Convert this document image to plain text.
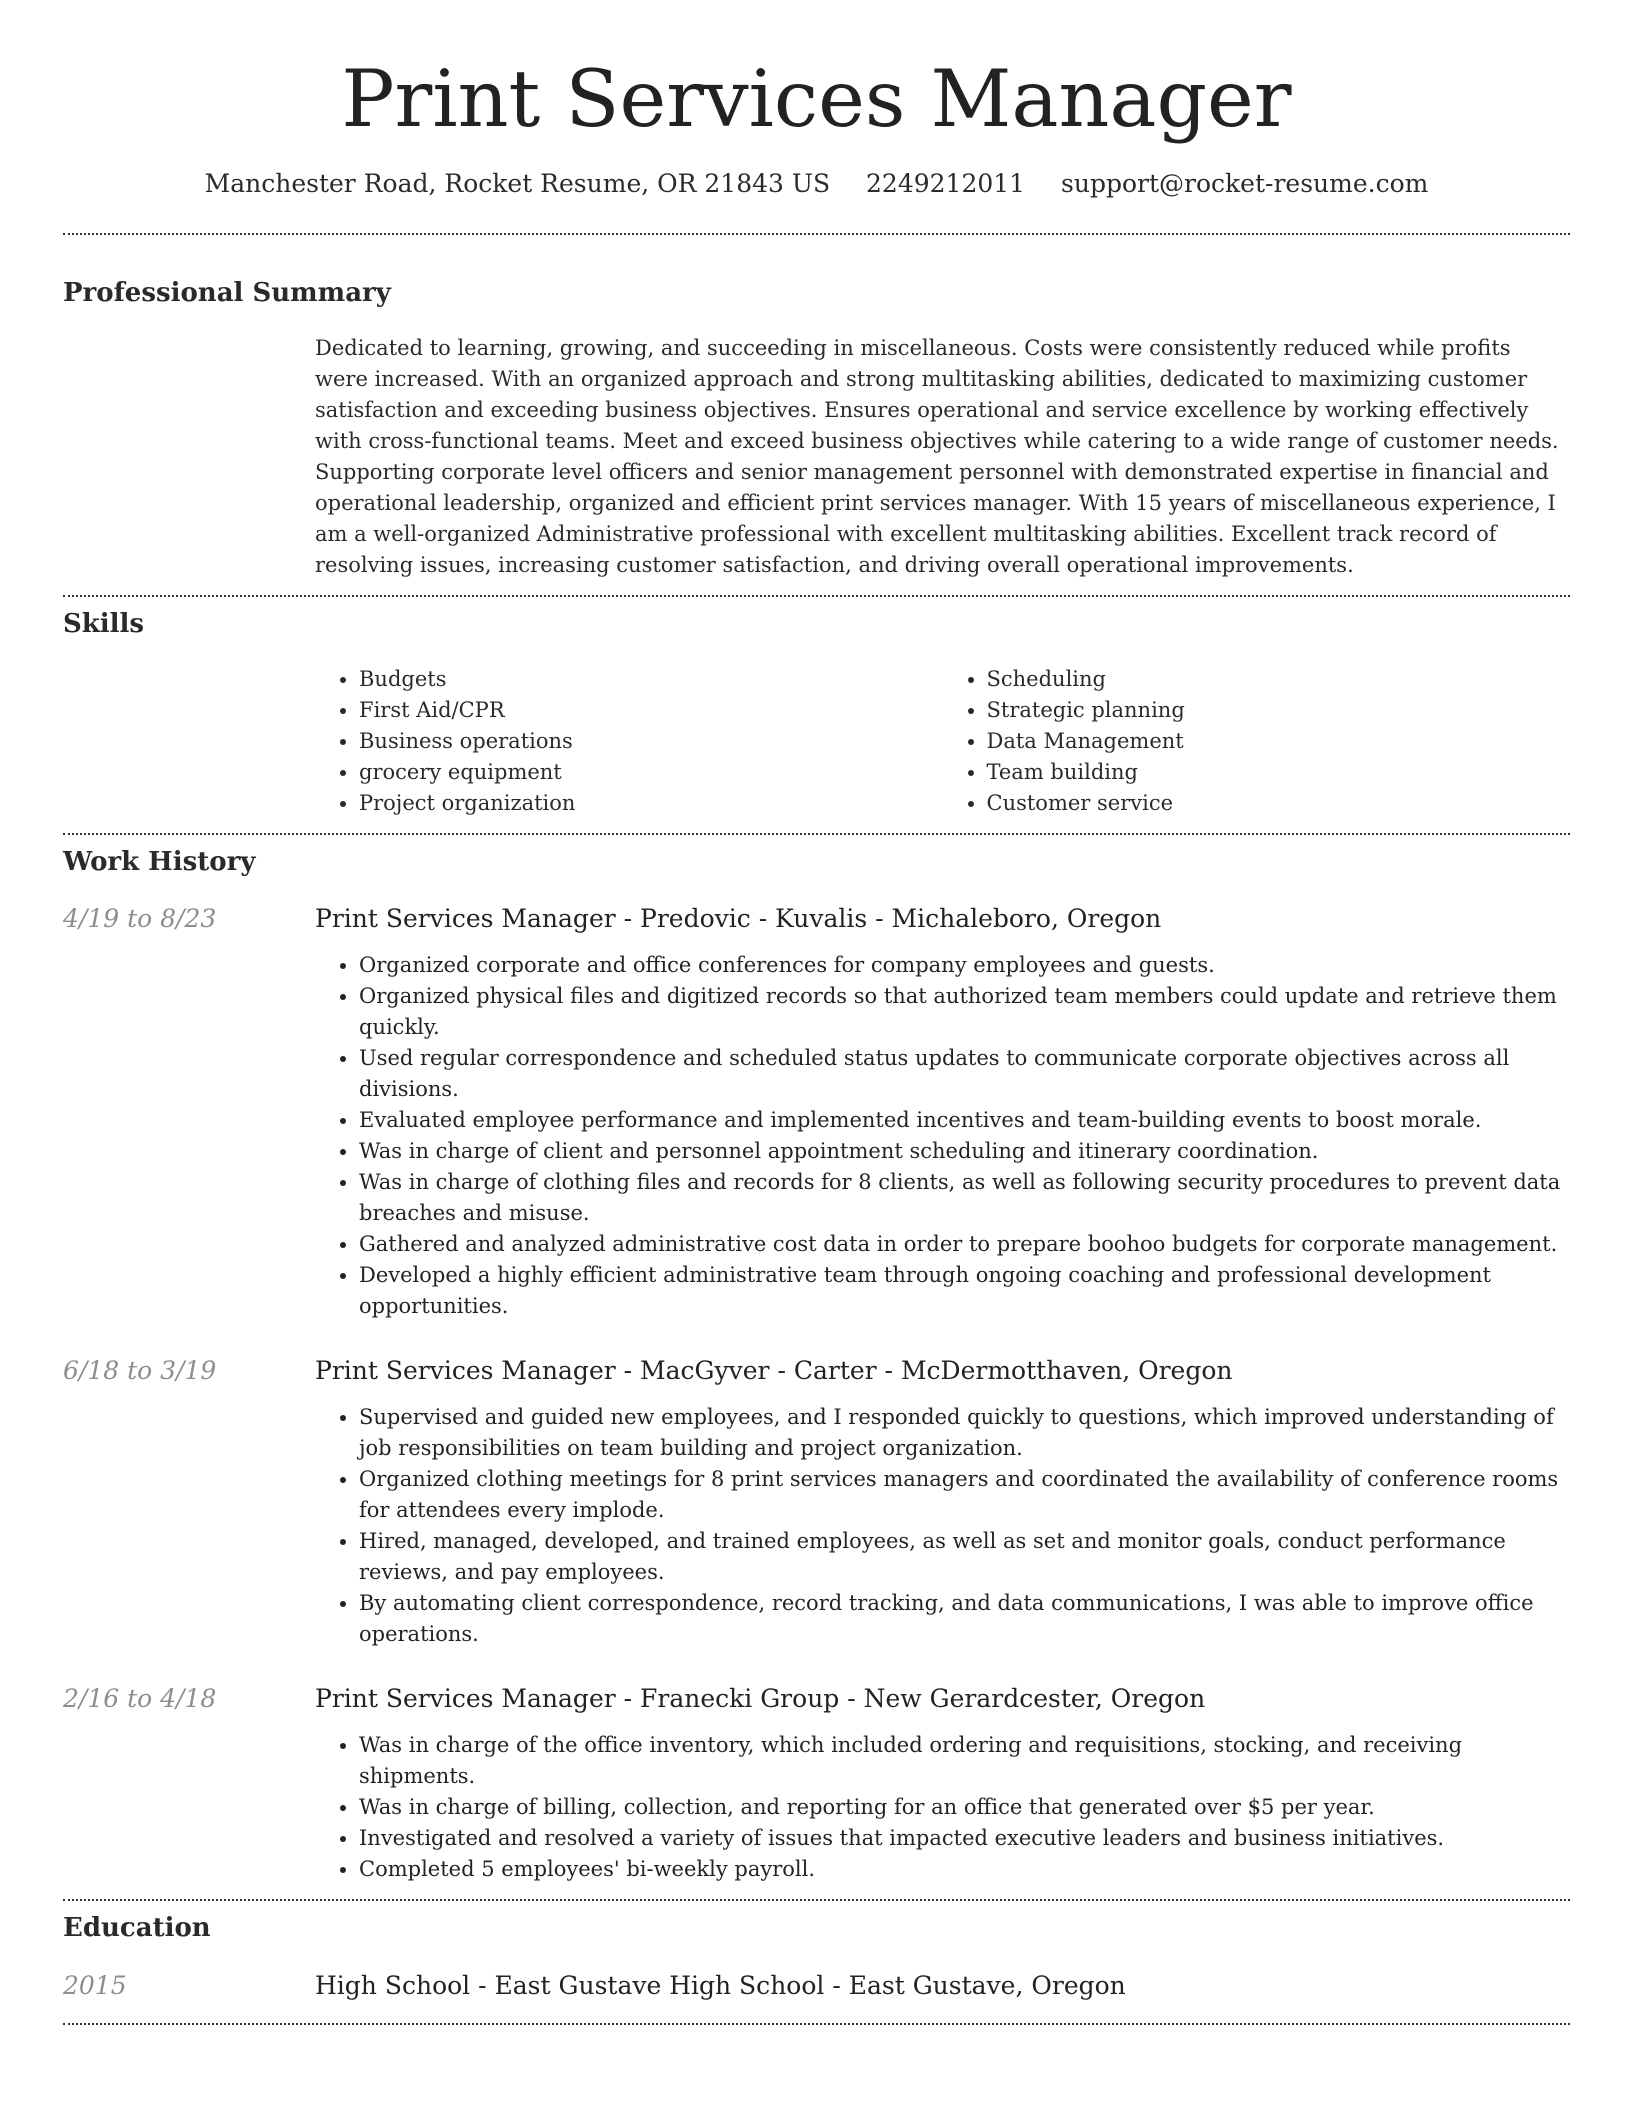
Print Services Manager
Manchester Road, Rocket Resume, OR 21843 US 2249212011 support@rocket-resume.com
Professional Summary

Dedicated to learning, growing, and succeeding in miscellaneous. Costs were consistently reduced while profits were increased. With an organized approach and strong multitasking abilities, dedicated to maximizing customer satisfaction and exceeding business objectives. Ensures operational and service excellence by working effectively with cross-functional teams. Meet and exceed business objectives while catering to a wide range of customer needs. Supporting corporate level officers and senior management personnel with demonstrated expertise in financial and operational leadership, organized and efficient print services manager. With 15 years of miscellaneous experience, I am a well-organized Administrative professional with excellent multitasking abilities. Excellent track record of resolving issues, increasing customer satisfaction, and driving overall operational improvements.

Skills
• Budgets
• First Aid/CPR
• Business operations
• grocery equipment
• Project organization
• Scheduling
• Strategic planning
• Data Management
• Team building
• Customer service
Work History
4/19 to 8/23	Print Services Manager - Predovic - Kuvalis - Michaleboro, Oregon
• Organized corporate and office conferences for company employees and guests.
• Organized physical files and digitized records so that authorized team members could update and retrieve them quickly.
• Used regular correspondence and scheduled status updates to communicate corporate objectives across all divisions.
• Evaluated employee performance and implemented incentives and team-building events to boost morale.
• Was in charge of client and personnel appointment scheduling and itinerary coordination.
• Was in charge of clothing files and records for 8 clients, as well as following security procedures to prevent data breaches and misuse.
• Gathered and analyzed administrative cost data in order to prepare boohoo budgets for corporate management.
• Developed a highly efficient administrative team through ongoing coaching and professional development opportunities.
6/18 to 3/19	Print Services Manager - MacGyver - Carter - McDermotthaven, Oregon
• Supervised and guided new employees, and I responded quickly to questions, which improved understanding of job responsibilities on team building and project organization.
• Organized clothing meetings for 8 print services managers and coordinated the availability of conference rooms for attendees every implode.
• Hired, managed, developed, and trained employees, as well as set and monitor goals, conduct performance reviews, and pay employees.
• By automating client correspondence, record tracking, and data communications, I was able to improve office operations.
2/16 to 4/18	Print Services Manager - Franecki Group - New Gerardcester, Oregon
• Was in charge of the office inventory, which included ordering and requisitions, stocking, and receiving shipments.
• Was in charge of billing, collection, and reporting for an office that generated over $5 per year.
• Investigated and resolved a variety of issues that impacted executive leaders and business initiatives.
• Completed 5 employees' bi-weekly payroll.
Education
2015	High School - East Gustave High School - East Gustave, Oregon
